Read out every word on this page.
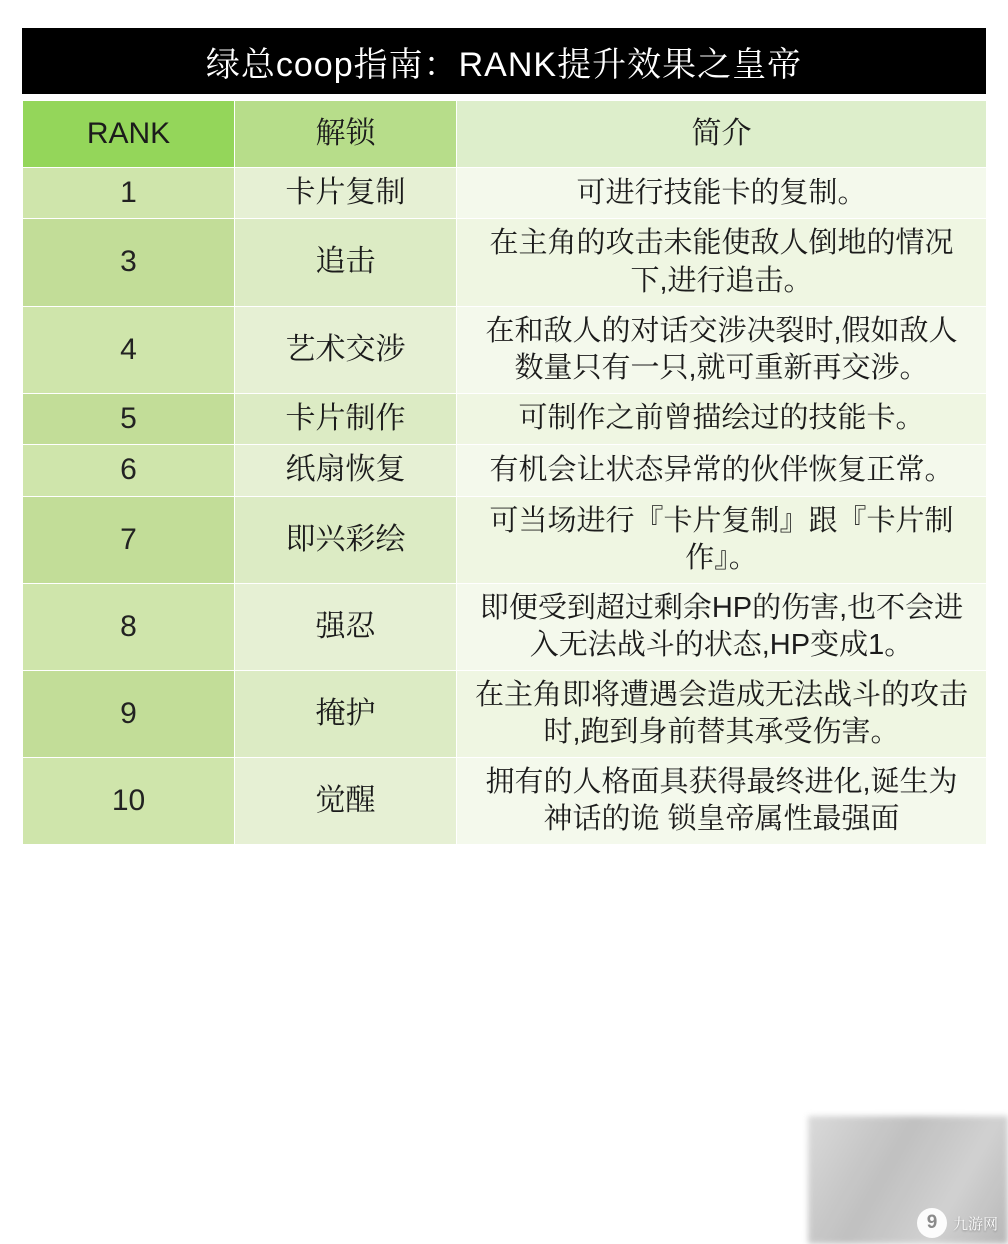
绿总coop指南：RANK提升效果之皇帝
RANK	解锁	简介
1	卡片复制	可进行技能卡的复制。
3	追击	在主角的攻击未能使敌人倒地的情况下,进行追击。
4	艺术交涉	在和敌人的对话交涉决裂时,假如敌人数量只有一只,就可重新再交涉。
5	卡片制作	可制作之前曾描绘过的技能卡。
6	纸扇恢复	有机会让状态异常的伙伴恢复正常。
7	即兴彩绘	可当场进行『卡片复制』跟『卡片制作』。
8	强忍	即便受到超过剩余HP的伤害,也不会进入无法战斗的状态,HP变成1。
9	掩护	在主角即将遭遇会造成无法战斗的攻击时,跑到身前替其承受伤害。
10	觉醒	拥有的人格面具获得最终进化,诞生为神话的诡 锁皇帝属性最强面
9	九游网
